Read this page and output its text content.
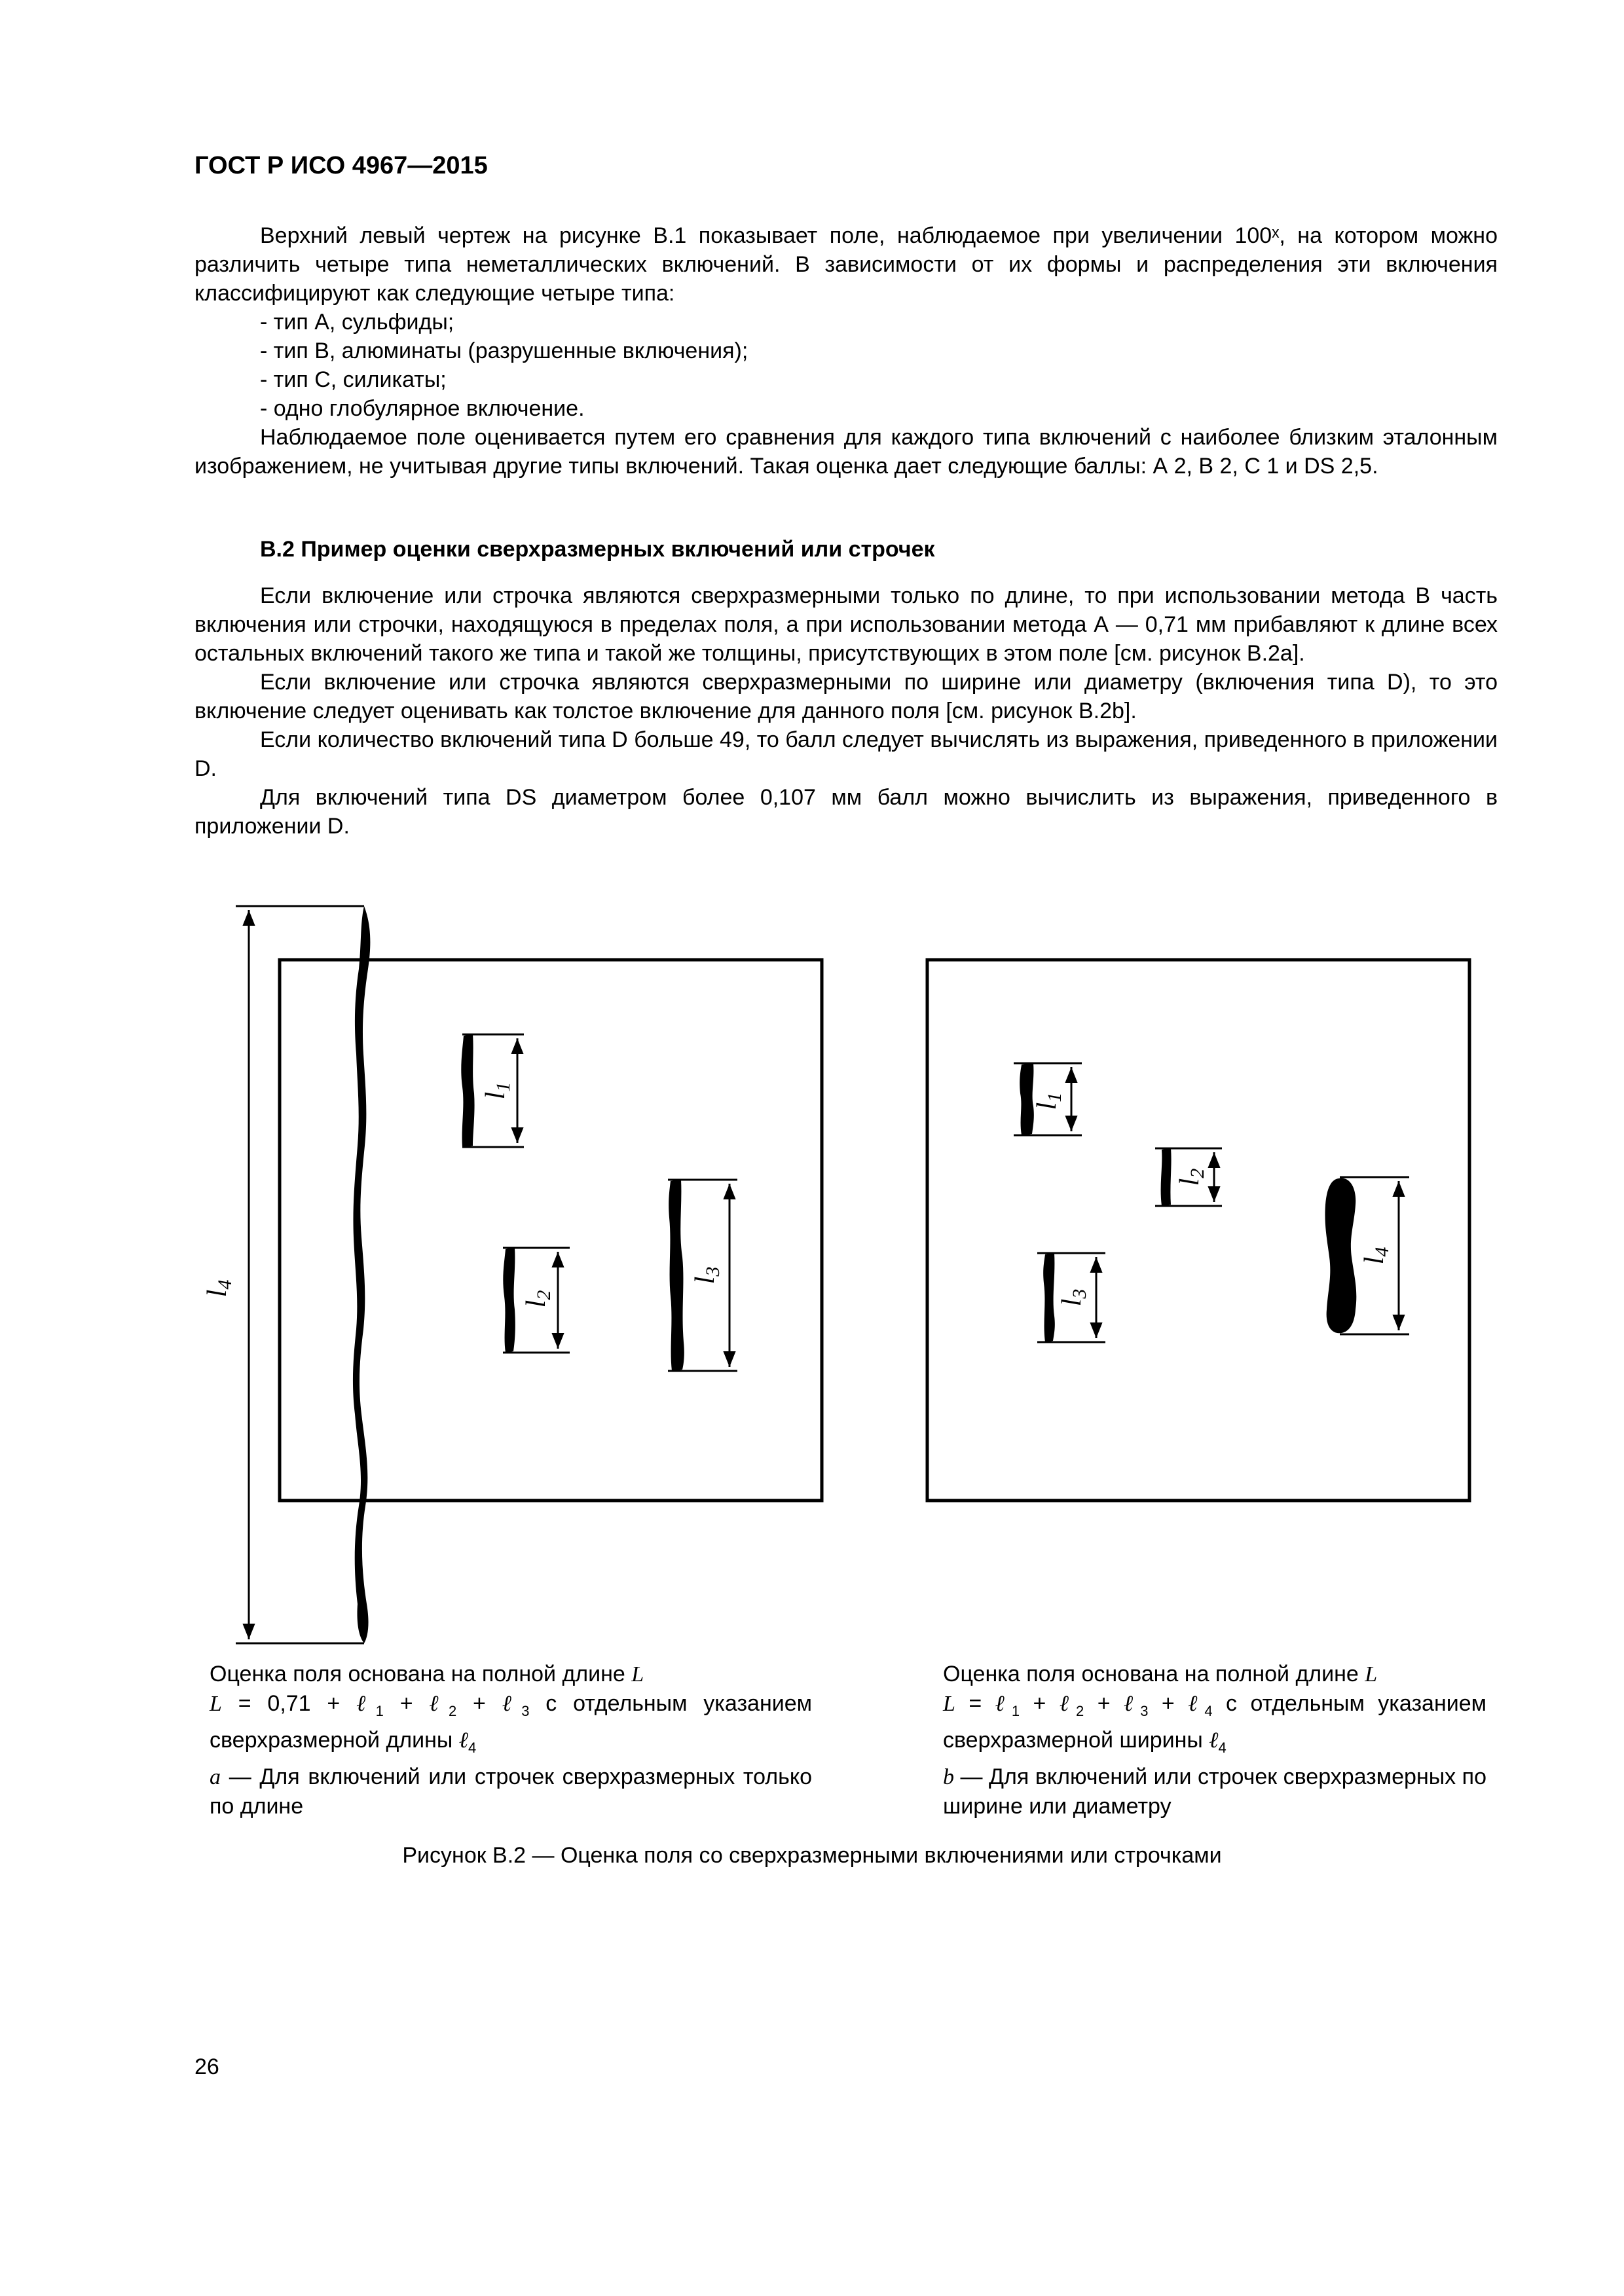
ГОСТ Р ИСО 4967—2015

Верхний левый чертеж на рисунке В.1 показывает поле, наблюдаемое при увеличении 100ˣ, на котором можно различить четыре типа неметаллических включений. В зависимости от их формы и распределения эти включения классифицируют как следующие четыре типа:

- тип А, сульфиды;

- тип В, алюминаты (разрушенные включения);

- тип С, силикаты;

- одно глобулярное включение.

Наблюдаемое поле оценивается путем его сравнения для каждого типа включений с наиболее близким эталонным изображением, не учитывая другие типы включений. Такая оценка дает следующие баллы: А 2, В 2, С 1 и DS 2,5.

В.2 Пример оценки сверхразмерных включений или строчек

Если включение или строчка являются сверхразмерными только по длине, то при использовании метода В часть включения или строчки, находящуюся в пределах поля, а при использовании метода А — 0,71 мм прибавляют к длине всех остальных включений такого же типа и такой же толщины, присутствующих в этом поле [см. рисунок В.2a].

Если включение или строчка являются сверхразмерными по ширине или диаметру (включения типа D), то это включение следует оценивать как толстое включение для данного поля [см. рисунок В.2b].

Если количество включений типа D больше 49, то балл следует вычислять из выражения, приведенного в приложении D.

Для включений типа DS диаметром более 0,107 мм балл можно вычислить из выражения, приведенного в приложении D.

l4
l1
l2
l3
l1
l2
l3
l4

Оценка поля основана на полной длине L

L = 0,71 + ℓ$_1$ + ℓ$_2$ + ℓ$_3$ с отдельным указанием сверхразмерной длины ℓ$_4$

a — Для включений или строчек сверхразмерных только по длине

Оценка поля основана на полной длине L

L = ℓ$_1$ + ℓ$_2$ + ℓ$_3$ + ℓ$_4$ с отдельным указанием сверхразмерной ширины ℓ$_4$

b — Для включений или строчек сверхразмерных по ширине или диаметру

Рисунок В.2 — Оценка поля со сверхразмерными включениями или строчками
26
